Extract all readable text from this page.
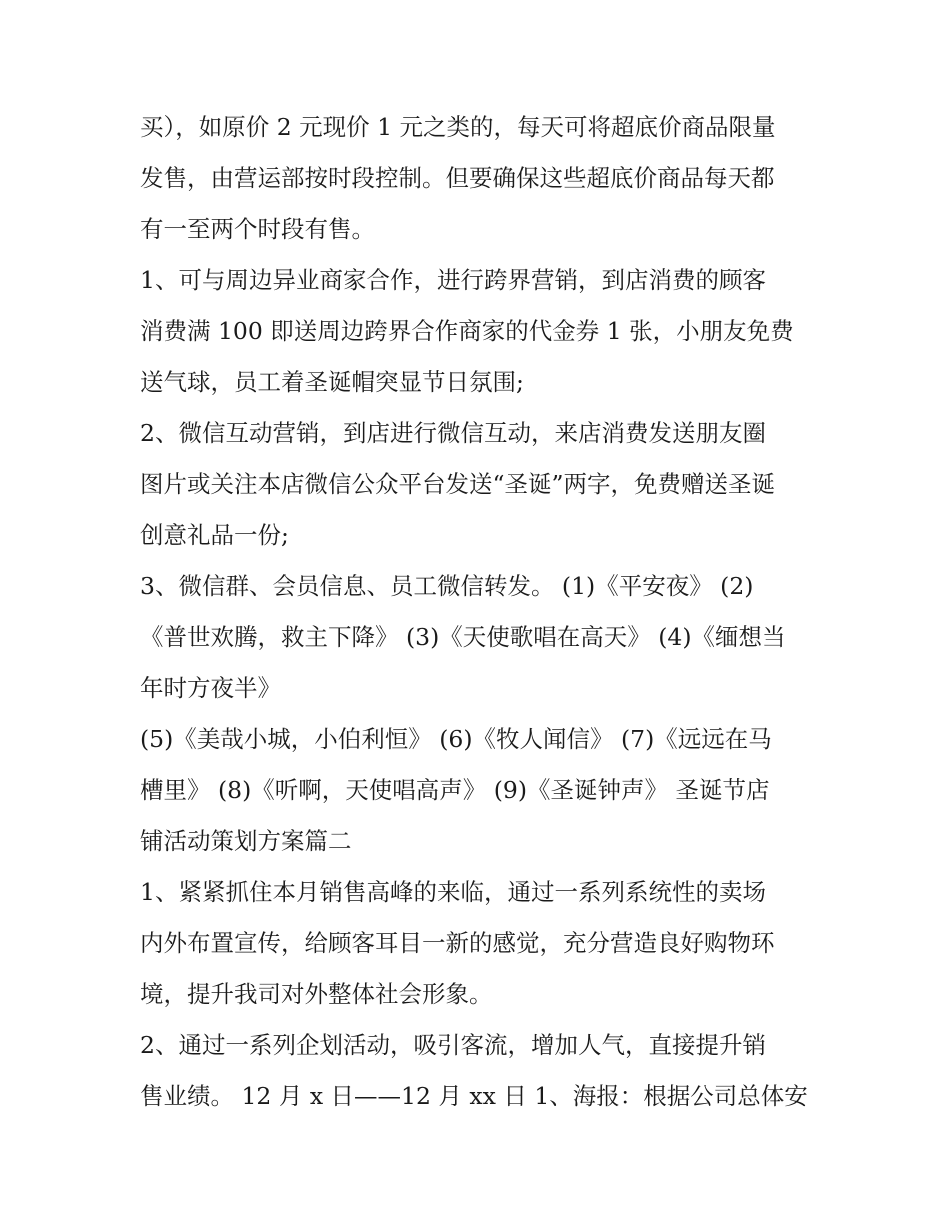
买），如原价 2 元现价 1 元之类的，每天可将超底价商品限量
发售，由营运部按时段控制。但要确保这些超底价商品每天都
有一至两个时段有售。
1、可与周边异业商家合作，进行跨界营销，到店消费的顾客
消费满 100 即送周边跨界合作商家的代金券 1 张，小朋友免费
送气球，员工着圣诞帽突显节日氛围;
2、微信互动营销，到店进行微信互动，来店消费发送朋友圈
图片或关注本店微信公众平台发送“圣诞”两字，免费赠送圣诞
创意礼品一份;
3、微信群、会员信息、员工微信转发。 (1)《平安夜》 (2)
《普世欢腾，救主下降》 (3)《天使歌唱在高天》 (4)《缅想当
年时方夜半》
(5)《美哉小城，小伯利恒》 (6)《牧人闻信》 (7)《远远在马
槽里》 (8)《听啊，天使唱高声》 (9)《圣诞钟声》 圣诞节店
铺活动策划方案篇二
1、紧紧抓住本月销售高峰的来临，通过一系列系统性的卖场
内外布置宣传，给顾客耳目一新的感觉，充分营造良好购物环
境，提升我司对外整体社会形象。
2、通过一系列企划活动，吸引客流，增加人气，直接提升销
售业绩。 12 月 x 日——12 月 xx 日 1、海报：根据公司总体安
